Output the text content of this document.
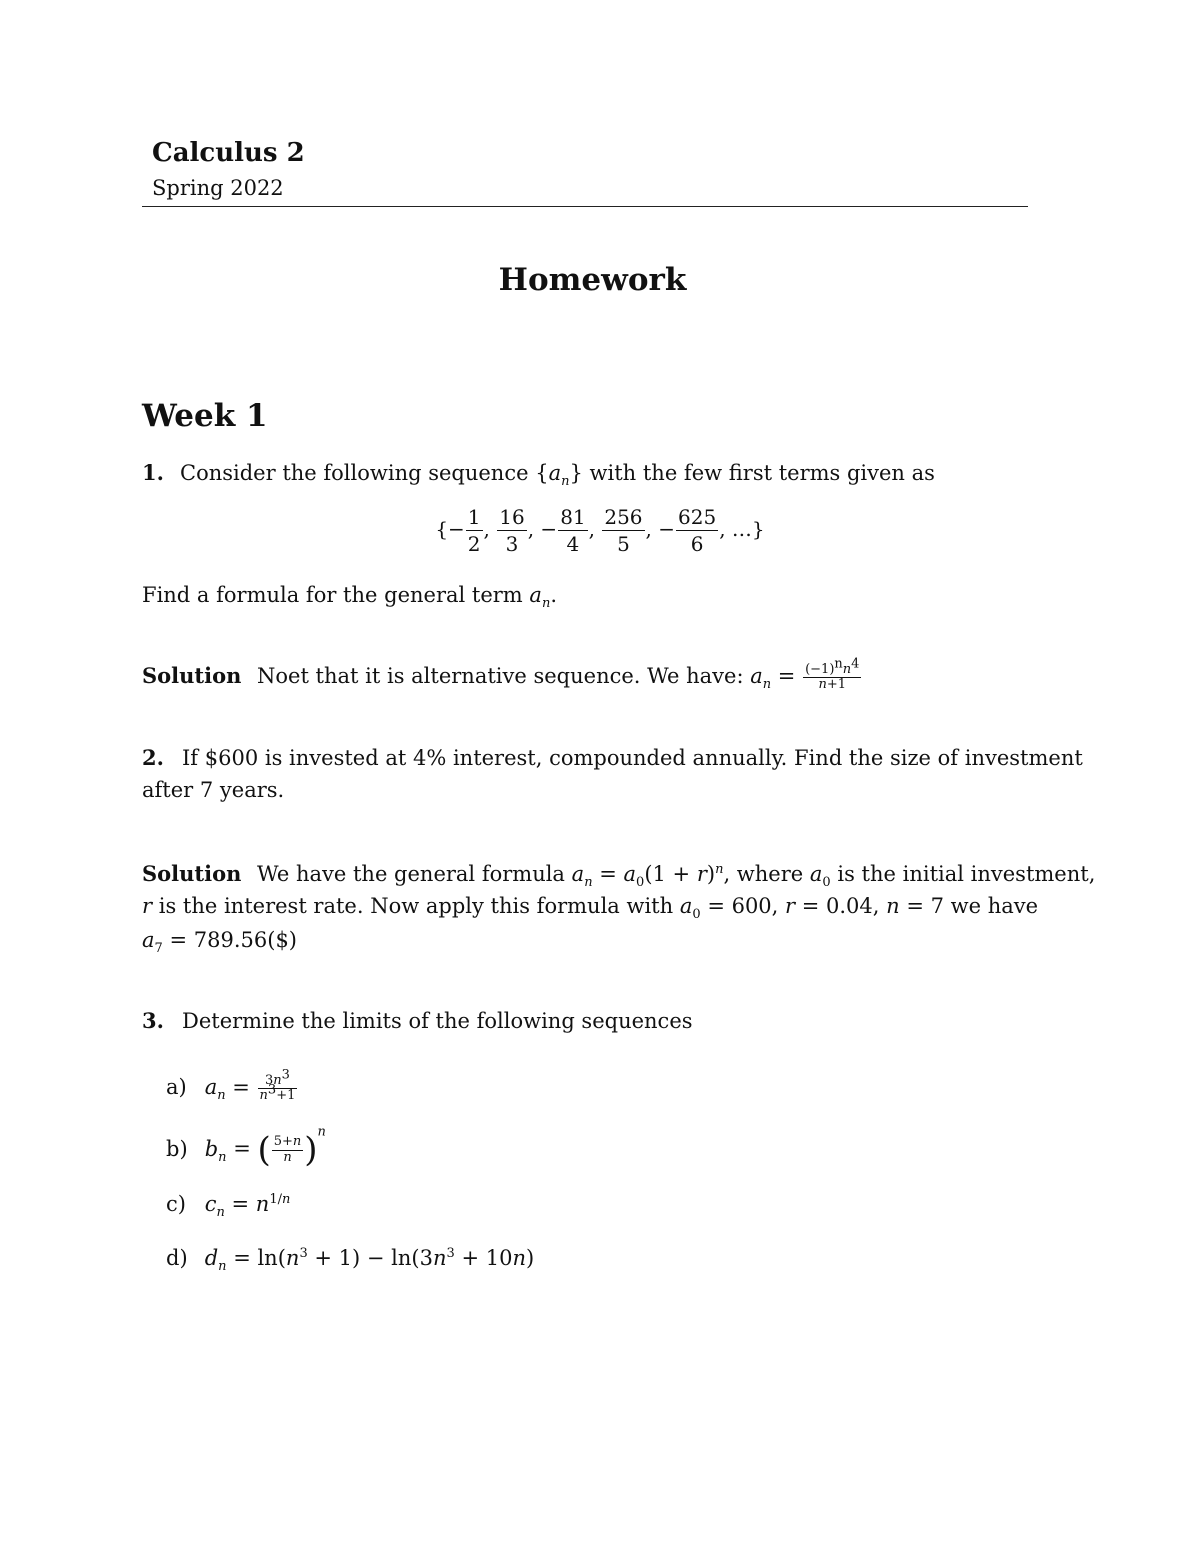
Calculus 2
Spring 2022
Homework
Week 1
1. Consider the following sequence $\{a_n\}$ with the few first terms given as
{− $\frac{1}{2}$ , $\frac{16}{3}$ , − $\frac{81}{4}$ , $\frac{256}{5}$ , − $\frac{625}{6}$ , …}
Find a formula for the general term $a_n$.
Solution Noet that it is alternative sequence. We have: $a_n = \frac{(-1)^nn^4}{n+1}$
2. If $600 is invested at 4% interest, compounded annually. Find the size of investment
after 7 years.
Solution We have the general formula $a_n = a_0(1 + r)^n$, where $a_0$ is the initial investment,
r is the interest rate. Now apply this formula with $a_0 = 600$, r = 0.04, n = 7 we have
$a_7$ = 789.56($)
3. Determine the limits of the following sequences
a) $a_n = \frac{3n^3}{n^3+1}$
b) $b_n$ = ( $\frac{5+n}{n} )^n$
c) $c_n = n^{1/n}$
d) $d_n = \ln(n^3 + 1) - \ln(3n^3 + 10n)$
